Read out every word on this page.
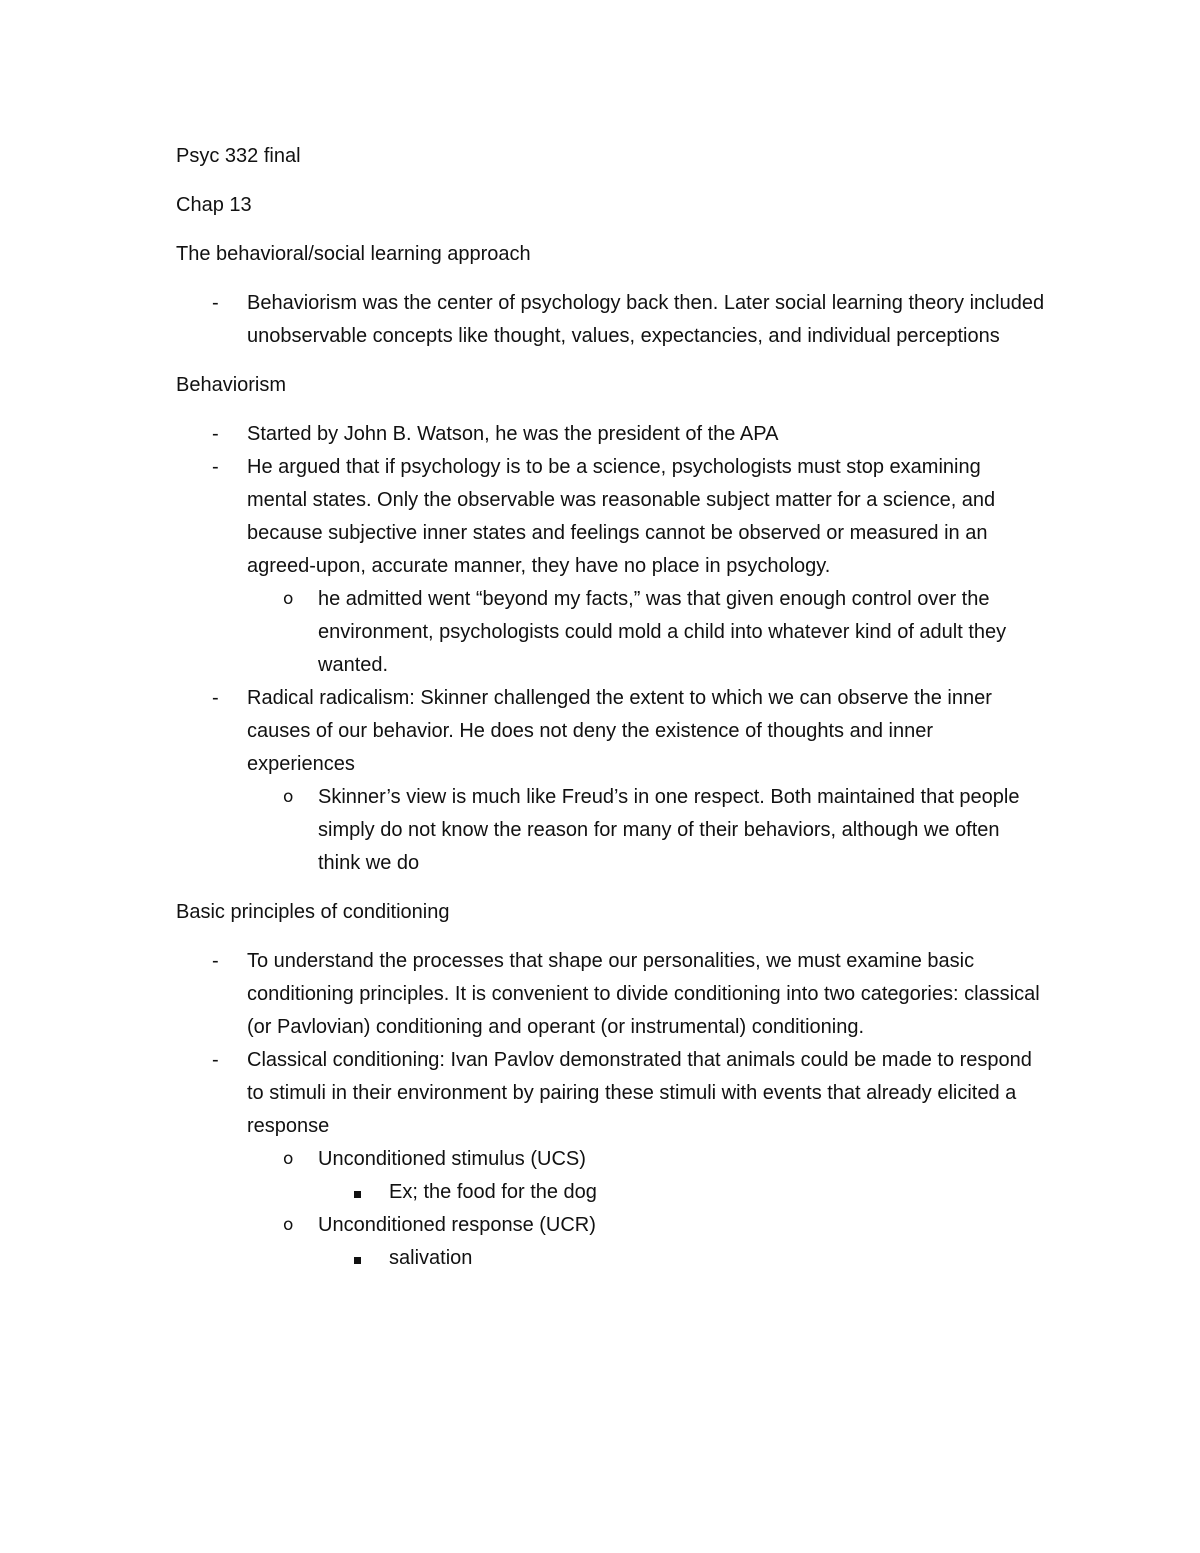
Psyc 332 final

Chap 13

The behavioral/social learning approach

-	Behaviorism was the center of psychology back then. Later social learning theory included unobservable concepts like thought, values, expectancies, and individual perceptions

Behaviorism

-	Started by John B. Watson, he was the president of the APA
-	He argued that if psychology is to be a science, psychologists must stop examining mental states. Only the observable was reasonable subject matter for a science, and because subjective inner states and feelings cannot be observed or measured in an agreed-upon, accurate manner, they have no place in psychology.
o	he admitted went “beyond my facts,” was that given enough control over the environment, psychologists could mold a child into whatever kind of adult they
wanted.
-	Radical radicalism: Skinner challenged the extent to which we can observe the inner causes of our behavior. He does not deny the existence of thoughts and inner experiences
o	Skinner’s view is much like Freud’s in one respect. Both maintained that people simply do not know the reason for many of their behaviors, although we often think we do

Basic principles of conditioning

-	To understand the processes that shape our personalities, we must examine basic conditioning principles. It is convenient to divide conditioning into two categories: classical (or Pavlovian) conditioning and operant (or instrumental) conditioning.
-	Classical conditioning: Ivan Pavlov demonstrated that animals could be made to respond to stimuli in their environment by pairing these stimuli with events that already elicited a response
o	Unconditioned stimulus (UCS)
Ex; the food for the dog
o	Unconditioned response (UCR)
salivation
